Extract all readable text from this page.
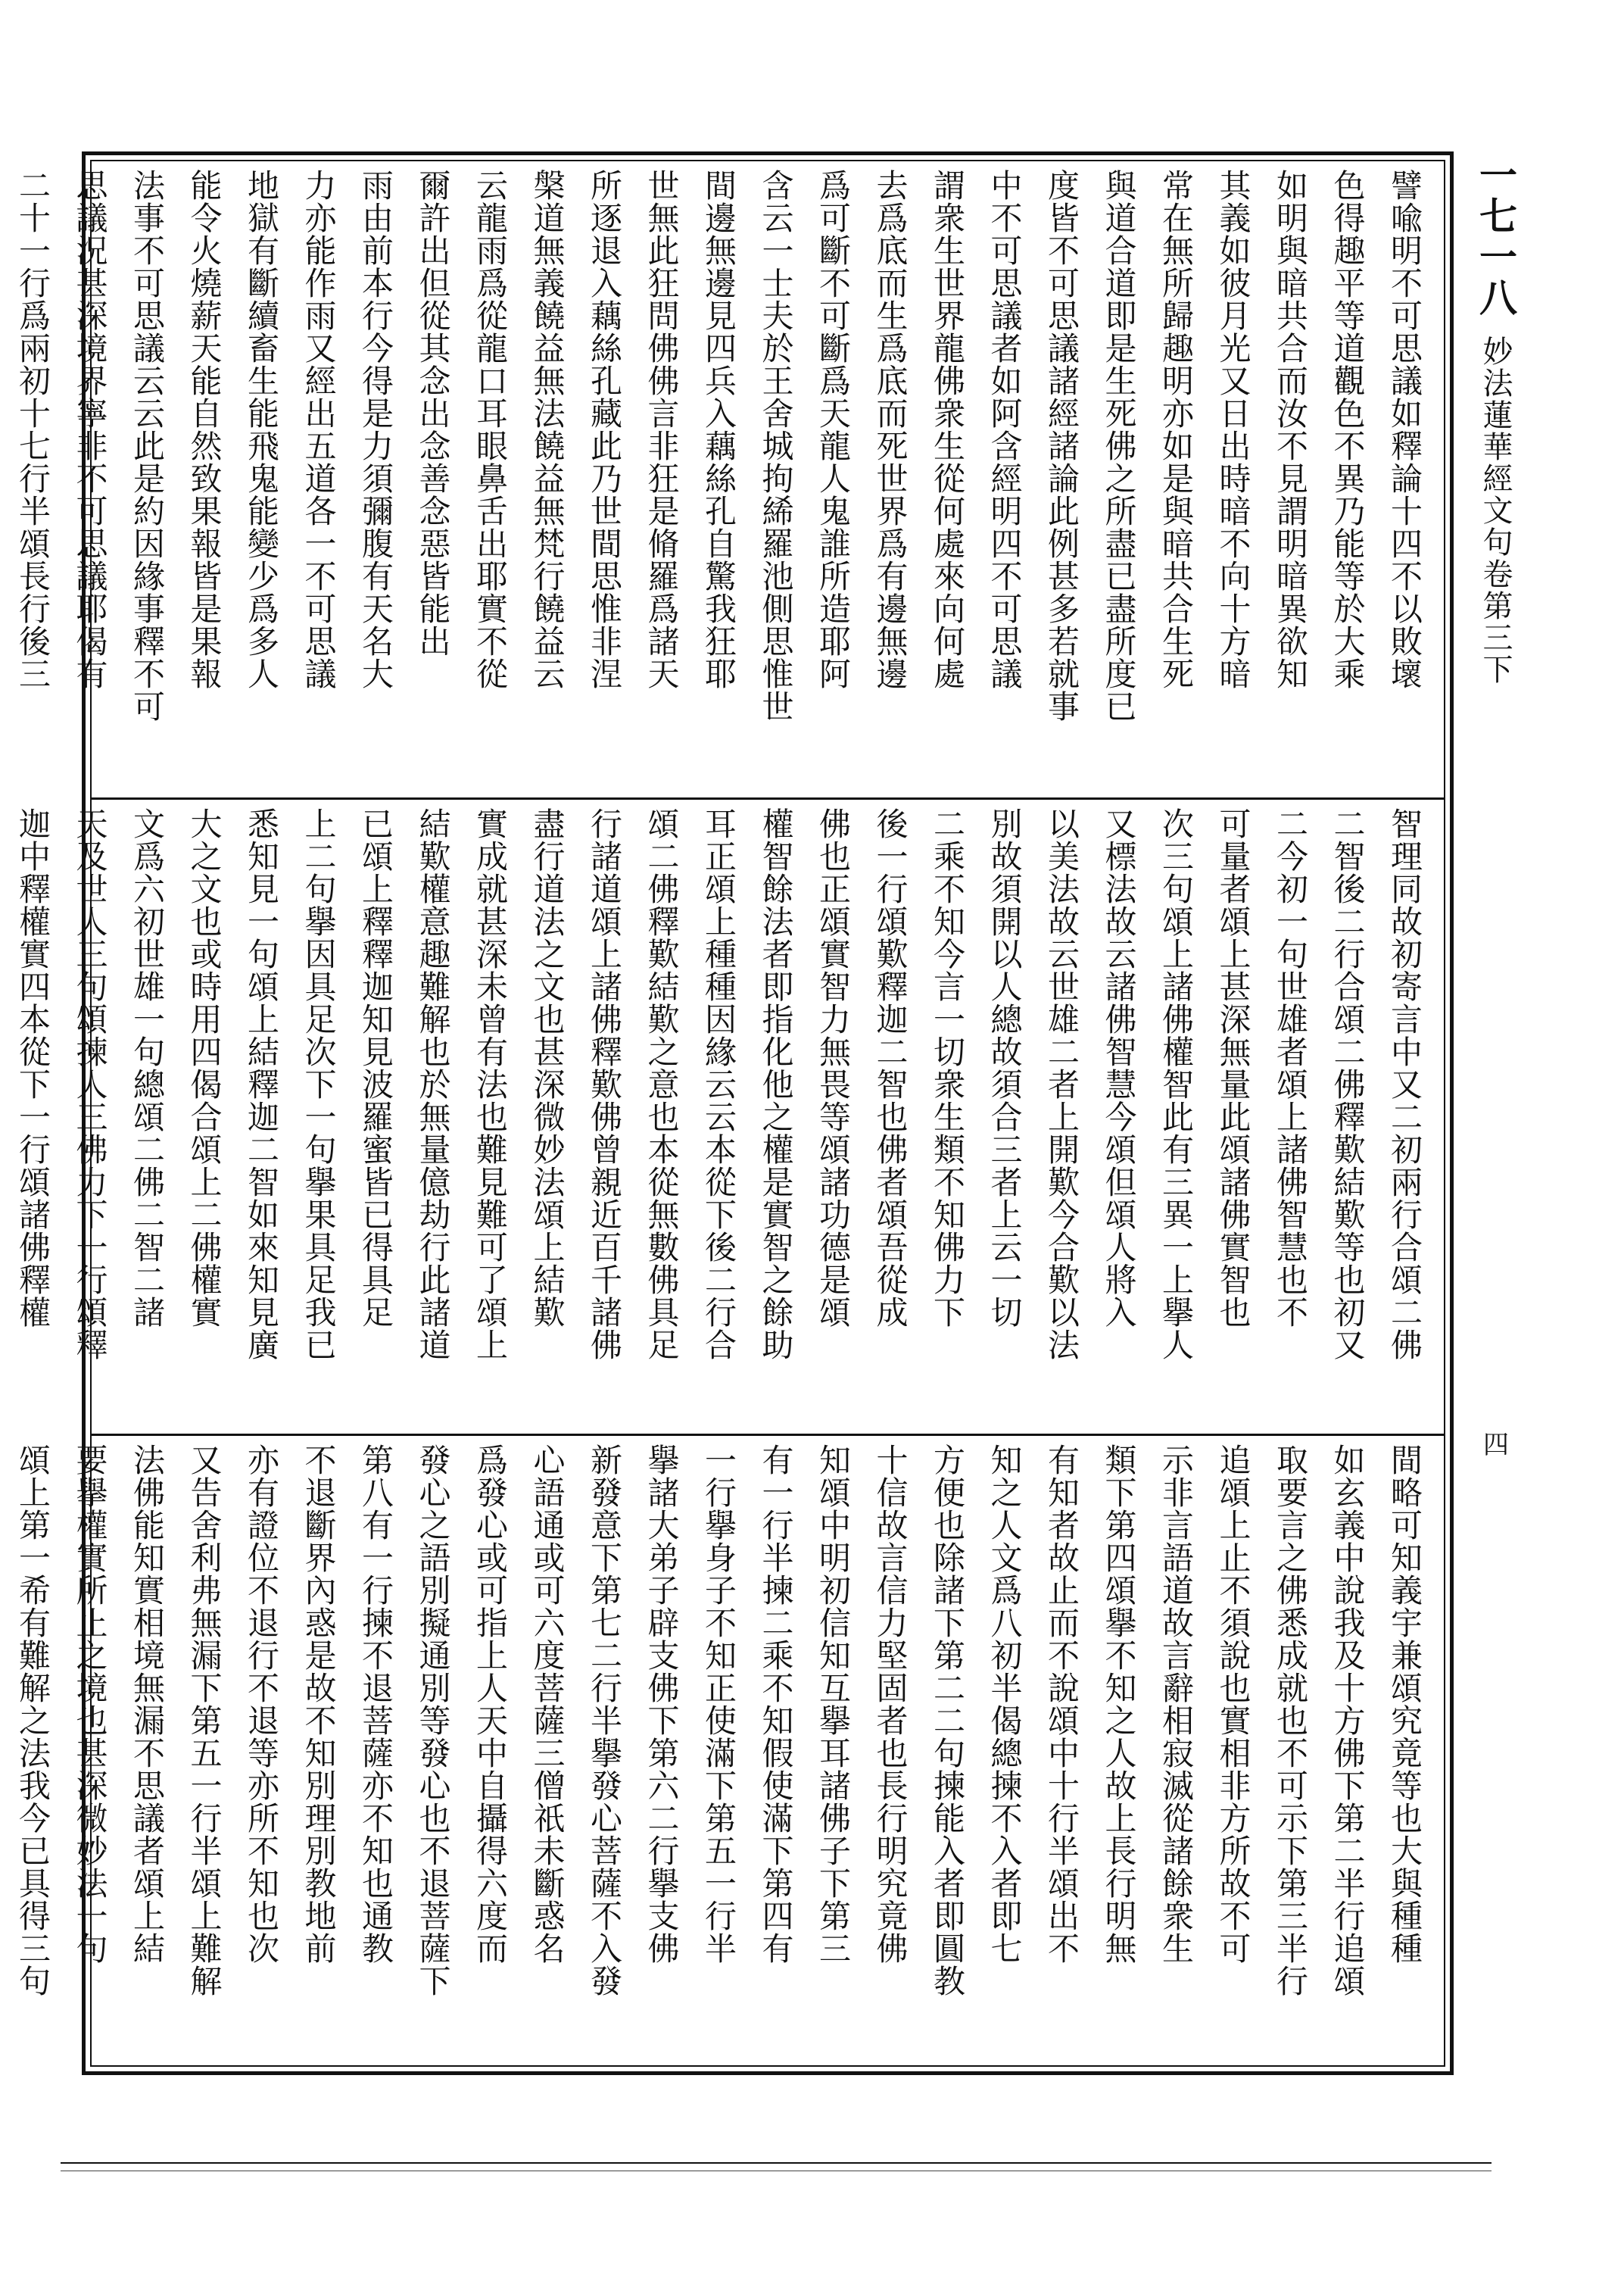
一七一八
妙法蓮華經文句卷第三下
四
譬喩明不可思議如釋論十四不以敗壞
色得趣平等道觀色不異乃能等於大乘
如明與暗共合而汝不見謂明暗異欲知
其義如彼月光又日出時暗不向十方暗
常在無所歸趣明亦如是與暗共合生死
與道合道即是生死佛之所盡已盡所度已
度皆不可思議諸經諸論此例甚多若就事
中不可思議者如阿含經明四不可思議
謂衆生世界龍佛衆生從何處來向何處
去爲底而生爲底而死世界爲有邊無邊
爲可斷不可斷爲天龍人鬼誰所造耶阿
含云一士夫於王舍城拘絺羅池側思惟世
間邊無邊見四兵入藕絲孔自驚我狂耶
世無此狂問佛佛言非狂是脩羅爲諸天
所逐退入藕絲孔藏此乃世間思惟非涅
槃道無義饒益無法饒益無梵行饒益云
云龍雨爲從龍口耳眼鼻舌出耶實不從
爾許出但從其念出念善念惡皆能出
雨由前本行今得是力須彌腹有天名大
力亦能作雨又經出五道各一不可思議
地獄有斷續畜生能飛鬼能變少爲多人
能令火燒薪天能自然致果報皆是果報
法事不可思議云云此是約因緣事釋不可
思議況甚深境界寧非不可思議耶偈有
二十一行爲兩初十七行半頌長行後三
智理同故初寄言中又二初兩行合頌二佛
二智後二行合頌二佛釋歎結歎等也初又
二今初一句世雄者頌上諸佛智慧也不
可量者頌上甚深無量此頌諸佛實智也
次三句頌上諸佛權智此有三異一上擧人
又標法故云諸佛智慧今頌但頌人將入
以美法故云世雄二者上開歎今合歎以法
別故須開以人總故須合三者上云一切
二乘不知今言一切衆生類不知佛力下
後一行頌歎釋迦二智也佛者頌吾從成
佛也正頌實智力無畏等頌諸功德是頌
權智餘法者即指化他之權是實智之餘助
耳正頌上種種因緣云云本從下後二行合
頌二佛釋歎結歎之意也本從無數佛具足
行諸道頌上諸佛釋歎佛曾親近百千諸佛
盡行道法之文也甚深微妙法頌上結歎
實成就甚深未曾有法也難見難可了頌上
結歎權意趣難解也於無量億劫行此諸道
已頌上釋釋迦知見波羅蜜皆已得具足
上二句擧因具足次下一句擧果具足我已
悉知見一句頌上結釋迦二智如來知見廣
大之文也或時用四偈合頌上二佛權實
文爲六初世雄一句總頌二佛二智二諸
天及世人三句頌揀人三佛力下一行頌釋
迦中釋權實四本從下一行頌諸佛釋權
間略可知義宇兼頌究竟等也大與種種
如玄義中說我及十方佛下第二半行追頌
取要言之佛悉成就也不可示下第三半行
追頌上止不須說也實相非方所故不可
示非言語道故言辭相寂滅從諸餘衆生
類下第四頌擧不知之人故上長行明無
有知者故止而不說頌中十行半頌出不
知之人文爲八初半偈總揀不入者即七
方便也除諸下第二二句揀能入者即圓教
十信故言信力堅固者也長行明究竟佛
知頌中明初信知互擧耳諸佛子下第三
有一行半揀二乘不知假使滿下第四有
一行擧身子不知正使滿下第五一行半
擧諸大弟子辟支佛下第六二行擧支佛
新發意下第七二行半擧發心菩薩不入發
心語通或可六度菩薩三僧祇未斷惑名
爲發心或可指上人天中自攝得六度而
發心之語別擬通別等發心也不退菩薩下
第八有一行揀不退菩薩亦不知也通教
不退斷界內惑是故不知別理別教地前
亦有證位不退行不退等亦所不知也次
又告舍利弗無漏下第五一行半頌上難解
法佛能知實相境無漏不思議者頌上結
要擧權實所止之境也甚深微妙法一句
頌上第一希有難解之法我今已具得三句
